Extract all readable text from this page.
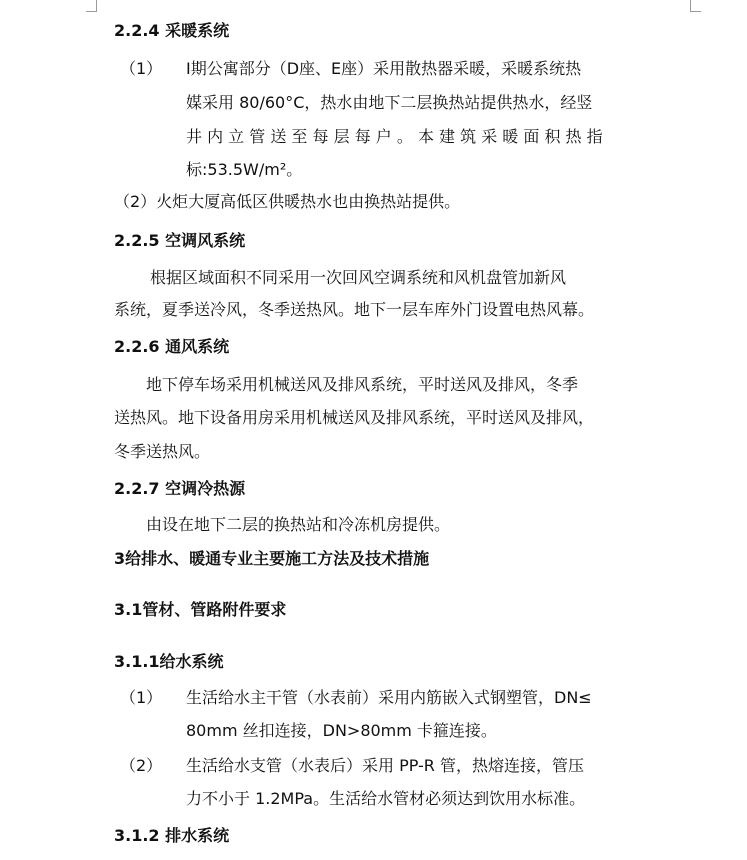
2.2.4 采暖系统
（1） I期公寓部分（D座、E座）采用散热器采暖，采暖系统热
媒采用 80/60°C，热水由地下二层换热站提供热水，经竖
井 内 立 管 送 至 每 层 每 户 。 本 建 筑 采 暖 面 积 热 指
标:53.5W/m²。
（2）火炬大厦高低区供暖热水也由换热站提供。
2.2.5 空调风系统
根据区域面积不同采用一次回风空调系统和风机盘管加新风
系统，夏季送冷风，冬季送热风。地下一层车库外门设置电热风幕。
2.2.6 通风系统
地下停车场采用机械送风及排风系统，平时送风及排风，冬季
送热风。地下设备用房采用机械送风及排风系统，平时送风及排风，
冬季送热风。
2.2.7 空调冷热源
由设在地下二层的换热站和冷冻机房提供。
3给排水、暖通专业主要施工方法及技术措施
3.1管材、管路附件要求
3.1.1给水系统
（1） 生活给水主干管（水表前）采用内筋嵌入式钢塑管，DN≤
80mm 丝扣连接，DN>80mm 卡箍连接。
（2） 生活给水支管（水表后）采用 PP-R 管，热熔连接，管压
力不小于 1.2MPa。生活给水管材必须达到饮用水标准。
3.1.2 排水系统
